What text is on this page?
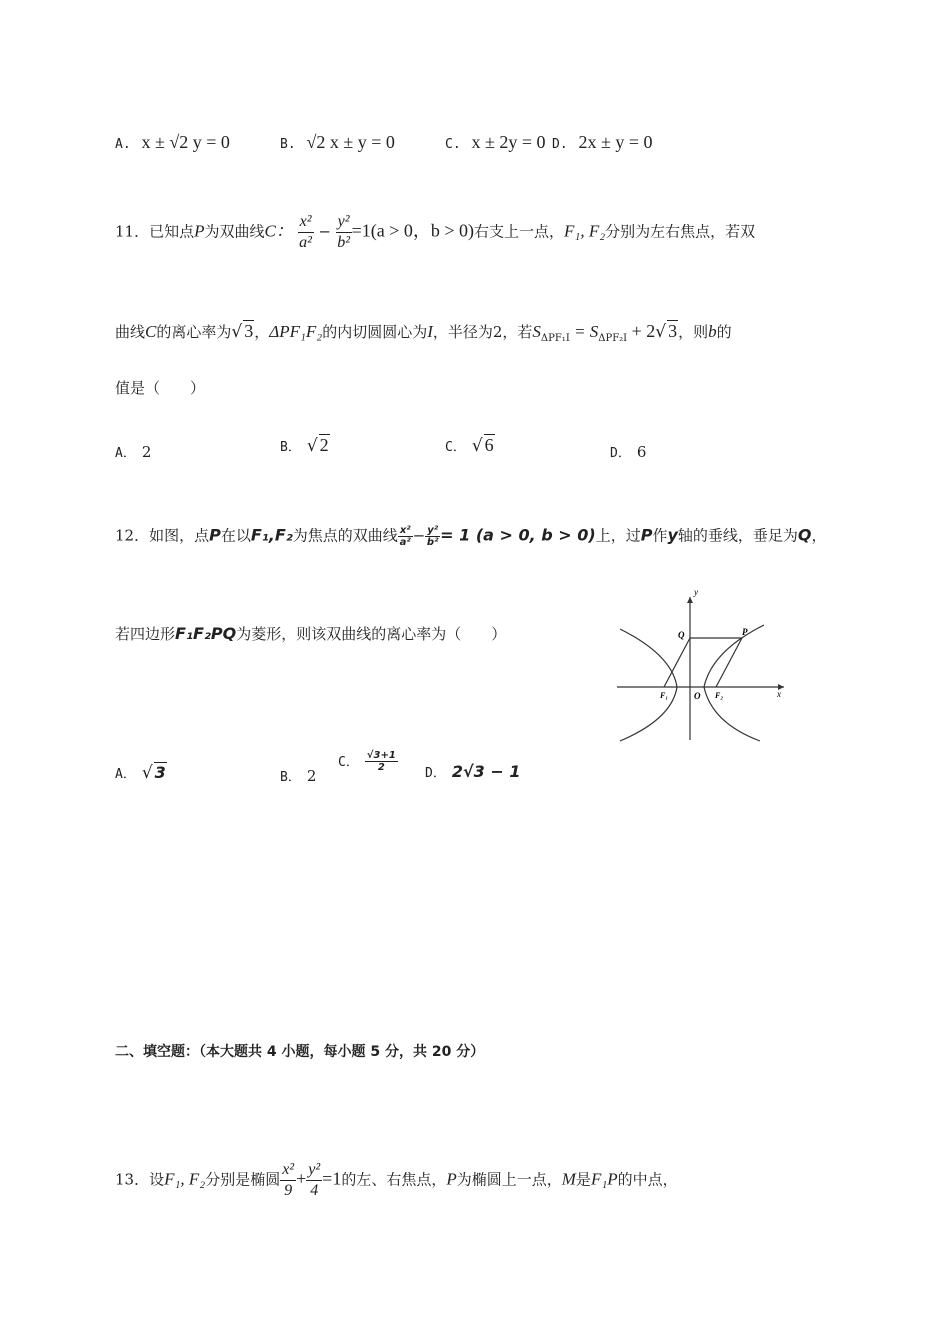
A. x ± √2 y = 0	B. √2 x ± y = 0	C. x ± 2y = 0 D. 2x ± y = 0
11．已知点P为双曲线C： $\frac{\text{x²}}{\text{a²}} - \frac{\text{y²}}{\text{b²}} =1(a > 0$，b > 0)右支上一点，F₁, F₂分别为左右焦点，若双
曲线C的离心率为√ 3，ΔPF₁F₂的内切圆圆心为I，半径为2，若$S_{\Delta PF_1I} = S_{\Delta PF_2I} + 2√$ 3，则b的
值是（　　）
A． 2	B． √ 2	C． √ 6	D． 6
12．如图，点P在以F₁,F₂为焦点的双曲线 $\frac{\text{x²}}{\text{a²}} - \frac{\text{y²}}{\text{b²}} = 1$ (a > 0, b > 0)上，过P作y轴的垂线，垂足为Q，
若四边形F₁F₂PQ为菱形，则该双曲线的离心率为（　　）
y
x
O
Q	P
F₁	F₂
A． √ 3	B． 2
C． $\frac{√3+1}{2}$
D． 2√3 − 1
二、填空题：（本大题共 4 小题，每小题 5 分，共 20 分）
13．设F₁, F₂分别是椭圆 $\frac{\text{x²}}{9} + \frac{\text{y²}}{4} =1$的左、右焦点，P为椭圆上一点，M是F₁P的中点，
